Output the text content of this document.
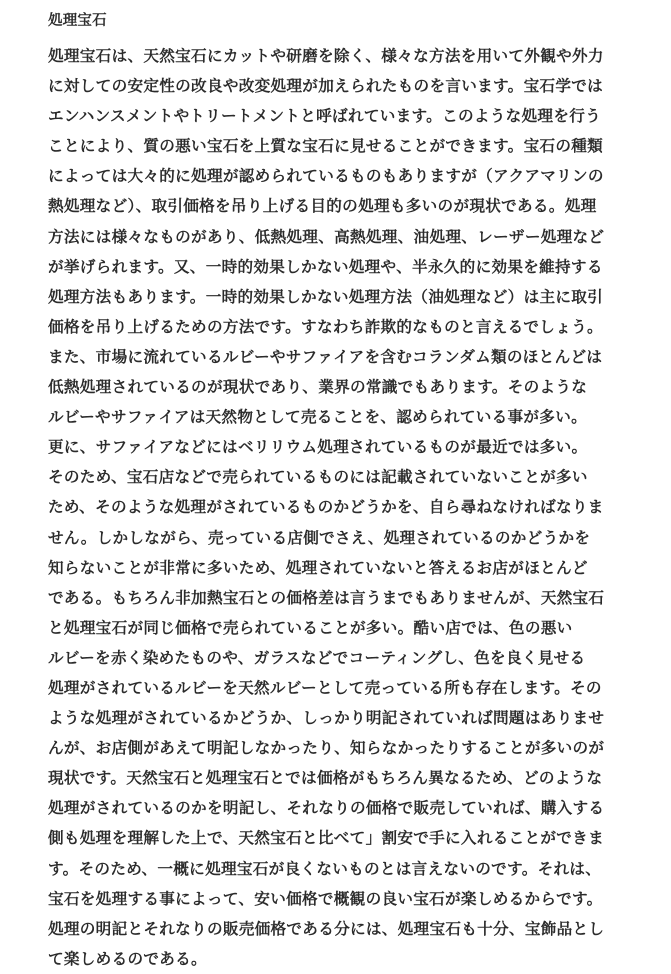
処理宝石
処理宝石は、天然宝石にカットや研磨を除く、様々な方法を用いて外観や外力
に対しての安定性の改良や改変処理が加えられたものを言います。宝石学では
エンハンスメントやトリートメントと呼ばれています。このような処理を行う
ことにより、質の悪い宝石を上質な宝石に見せることができます。宝石の種類
によっては大々的に処理が認められているものもありますが（アクアマリンの
熱処理など）、取引価格を吊り上げる目的の処理も多いのが現状である。処理
方法には様々なものがあり、低熱処理、高熱処理、油処理、レーザー処理など
が挙げられます。又、一時的効果しかない処理や、半永久的に効果を維持する
処理方法もあります。一時的効果しかない処理方法（油処理など）は主に取引
価格を吊り上げるための方法です。すなわち詐欺的なものと言えるでしょう。
また、市場に流れているルビーやサファイアを含むコランダム類のほとんどは
低熱処理されているのが現状であり、業界の常識でもあります。そのような
ルビーやサファイアは天然物として売ることを、認められている事が多い。
更に、サファイアなどにはベリリウム処理されているものが最近では多い。
そのため、宝石店などで売られているものには記載されていないことが多い
ため、そのような処理がされているものかどうかを、自ら尋ねなければなりま
せん。しかしながら、売っている店側でさえ、処理されているのかどうかを
知らないことが非常に多いため、処理されていないと答えるお店がほとんど
である。もちろん非加熱宝石との価格差は言うまでもありませんが、天然宝石
と処理宝石が同じ価格で売られていることが多い。酷い店では、色の悪い
ルビーを赤く染めたものや、ガラスなどでコーティングし、色を良く見せる
処理がされているルビーを天然ルビーとして売っている所も存在します。その
ような処理がされているかどうか、しっかり明記されていれば問題はありませ
んが、お店側があえて明記しなかったり、知らなかったりすることが多いのが
現状です。天然宝石と処理宝石とでは価格がもちろん異なるため、どのような
処理がされているのかを明記し、それなりの価格で販売していれば、購入する
側も処理を理解した上で、天然宝石と比べて」割安で手に入れることができま
す。そのため、一概に処理宝石が良くないものとは言えないのです。それは、
宝石を処理する事によって、安い価格で概観の良い宝石が楽しめるからです。
処理の明記とそれなりの販売価格である分には、処理宝石も十分、宝飾品とし
て楽しめるのである。
